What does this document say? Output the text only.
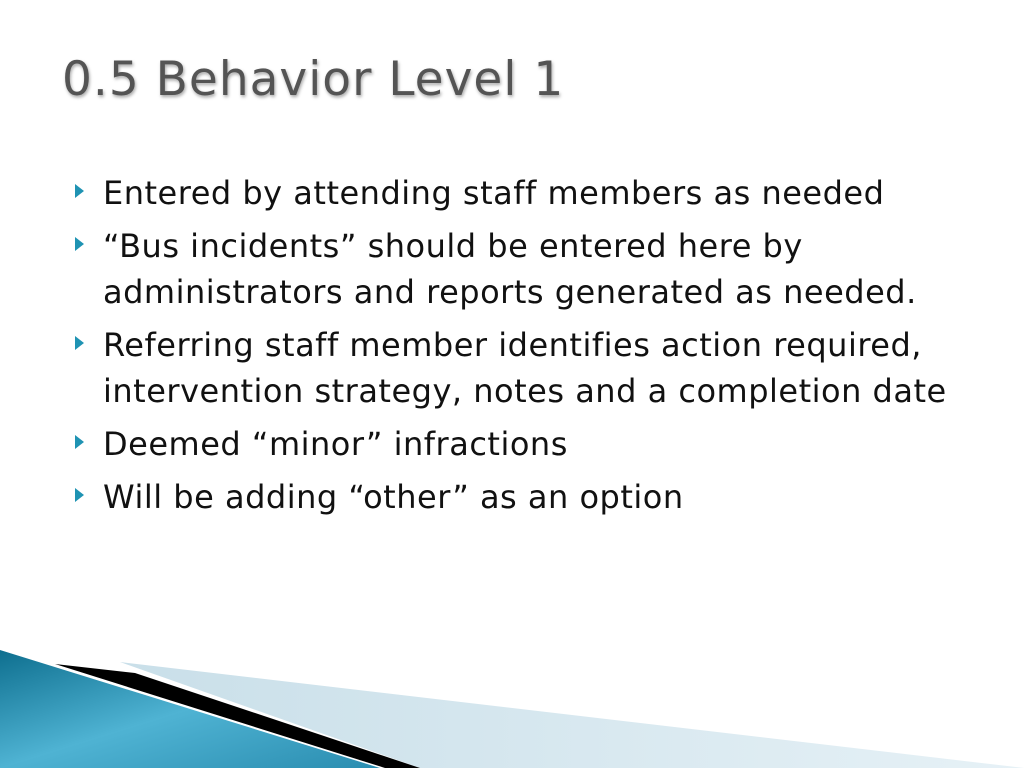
0.5 Behavior Level 1
Entered by attending staff members as needed
“Bus incidents” should be entered here by administrators and reports generated as needed.
Referring staff member identifies action required, intervention strategy, notes and a completion date
Deemed “minor” infractions
Will be adding “other” as an option
